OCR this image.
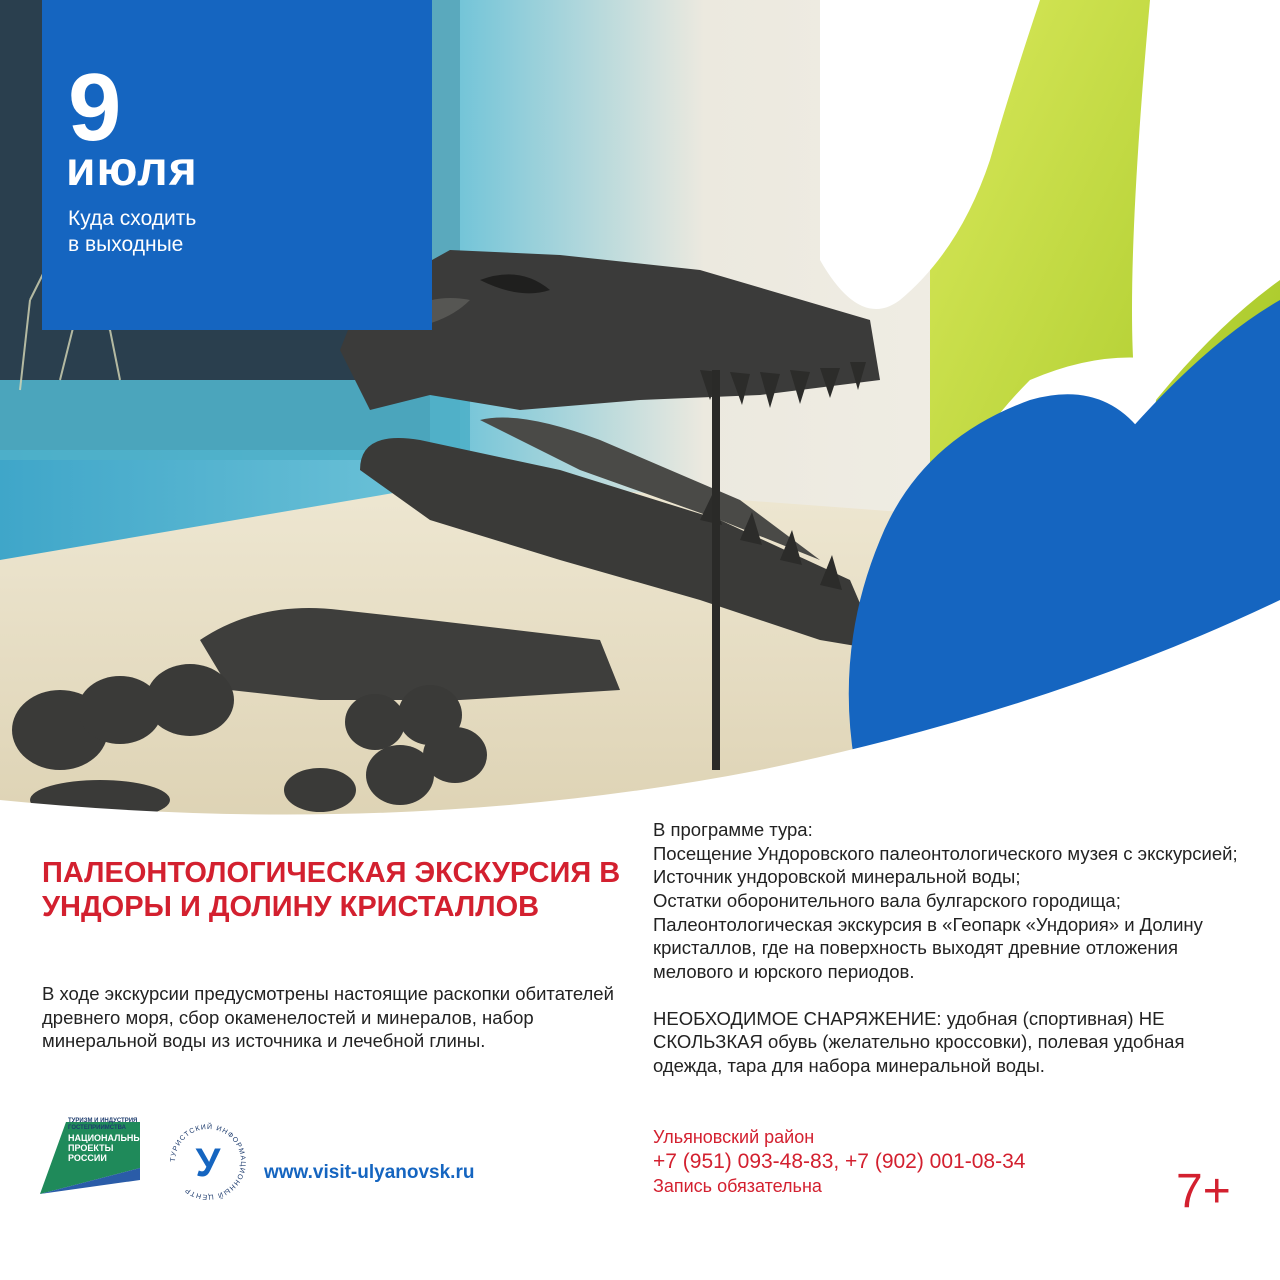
9
июля
Куда сходить
в выходные
ПАЛЕОНТОЛОГИЧЕСКАЯ ЭКСКУРСИЯ В УНДОРЫ И ДОЛИНУ КРИСТАЛЛОВ

В ходе экскурсии предусмотрены настоящие раскопки обитателей древнего моря, сбор окаменелостей и минералов, набор минеральной воды из источника и лечебной глины.

В программе тура:

Посещение Ундоровского палеонтологического музея с экскурсией;

Источник ундоровской минеральной воды;

Остатки оборонительного вала булгарского городища;

Палеонтологическая экскурсия в «Геопарк «Ундория» и Долину кристаллов, где на поверхность выходят древние отложения мелового и юрского периодов.

НЕОБХОДИМОЕ СНАРЯЖЕНИЕ: удобная (спортивная) НЕ СКОЛЬЗКАЯ обувь (желательно кроссовки), полевая удобная одежда, тара для набора минеральной воды.

Ульяновский район
+7 (951) 093-48-83, +7 (902) 001-08-34
Запись обязательна	7+
ТУРИЗМ И ИНДУСТРИЯ ГОСТЕПРИИМСТВА
НАЦИОНАЛЬНЫЕ ПРОЕКТЫ РОССИИ	ТУРИСТСКИЙ ИНФОРМАЦИОННЫЙ ЦЕНТР
У www.visit-ulyanovsk.ru
